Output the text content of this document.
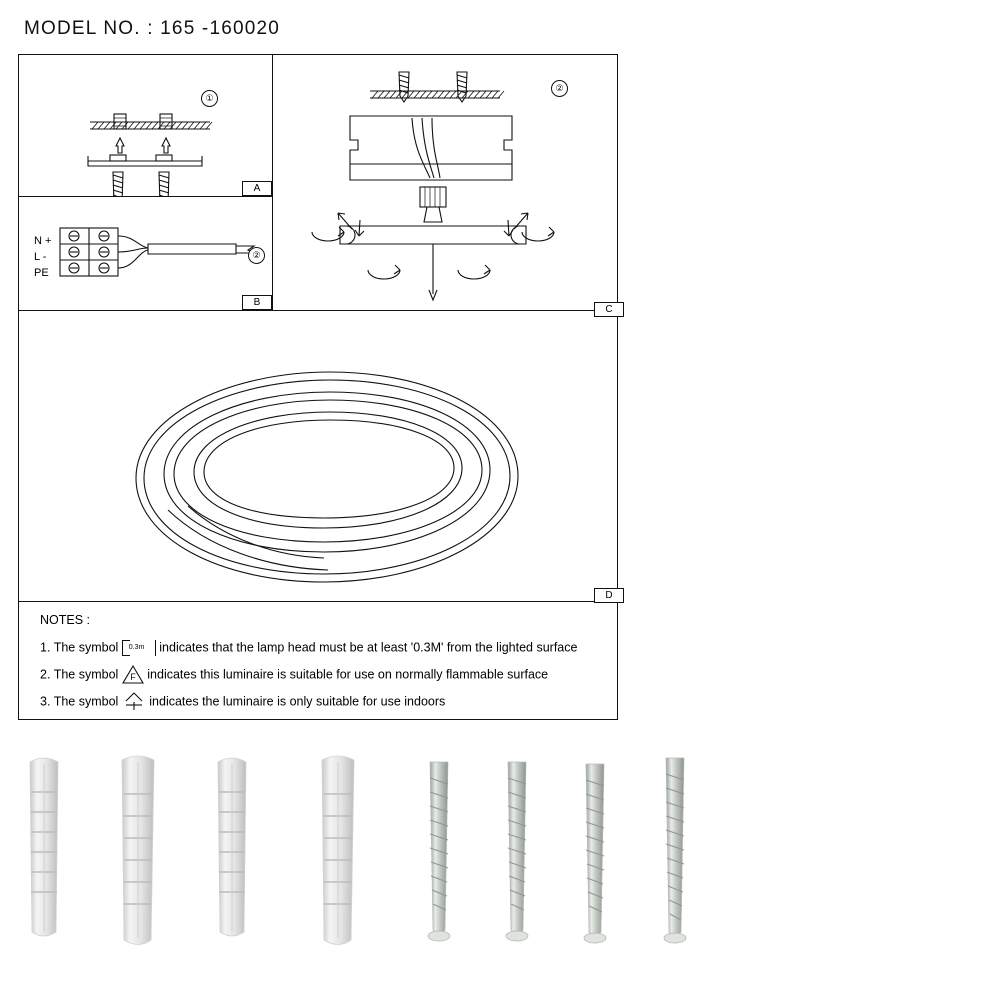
MODEL NO. : 165 -160020
①
A
N +
L -
PE
②
B
②
C
D
NOTES :
1. The symbol 0.3m indicates that the lamp head must be at least '0.3M' from the lighted surface
2. The symbol F indicates this luminaire is suitable for use on normally flammable surface
3. The symbol indicates the luminaire is only suitable for use indoors
